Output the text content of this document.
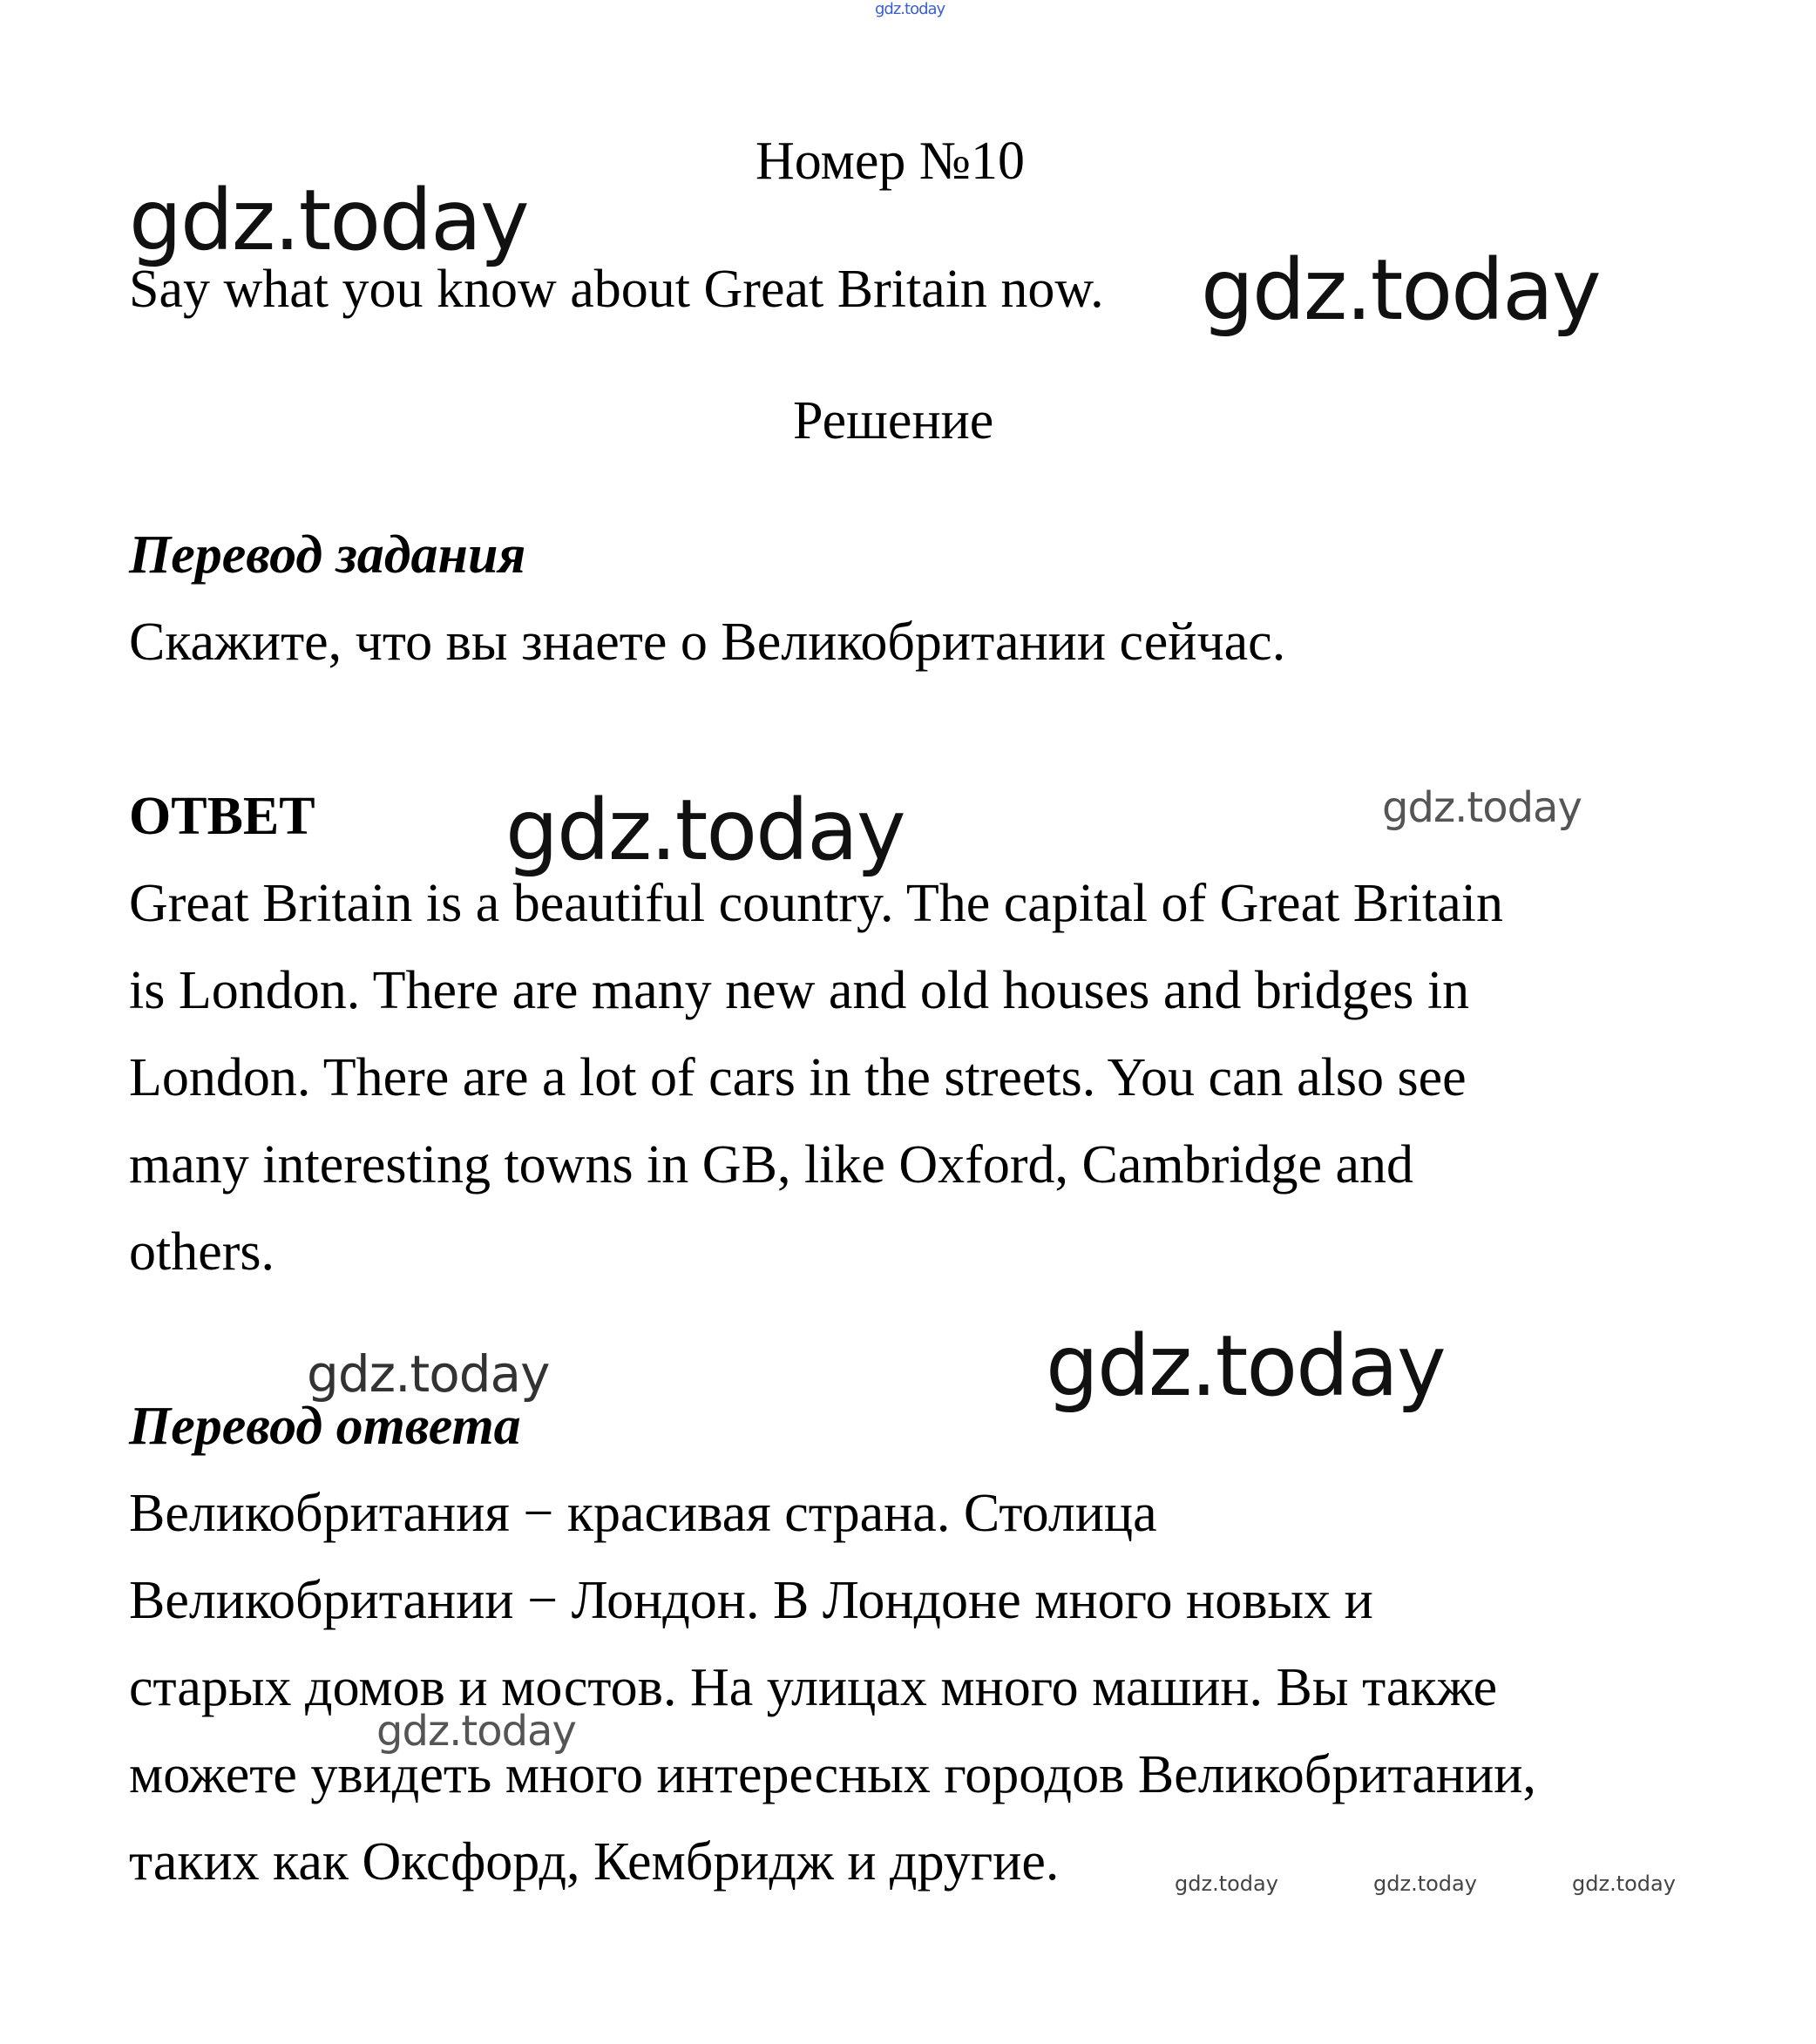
gdz.today
Номер №10
gdz.today
Say what you know about Great Britain now. gdz.today
Решение
Перевод задания
Скажите, что вы знаете о Великобритании сейчас.
ОТВЕТ gdz.today	gdz.today
Great Britain is a beautiful country. The capital of Great Britain
is London. There are many new and old houses and bridges in
London. There are a lot of cars in the streets. You can also see
many interesting towns in GB, like Oxford, Cambridge and
others.
gdz.today	gdz.today
Перевод ответа
Великобритания − красивая страна. Столица
Великобритании − Лондон. В Лондоне много новых и
старых домов и мостов. На улицах много машин. Вы также
можете увидеть много интересных городов Великобритании,
таких как Оксфорд, Кембридж и другие.
gdz.today
gdz.today	gdz.today	gdz.today
